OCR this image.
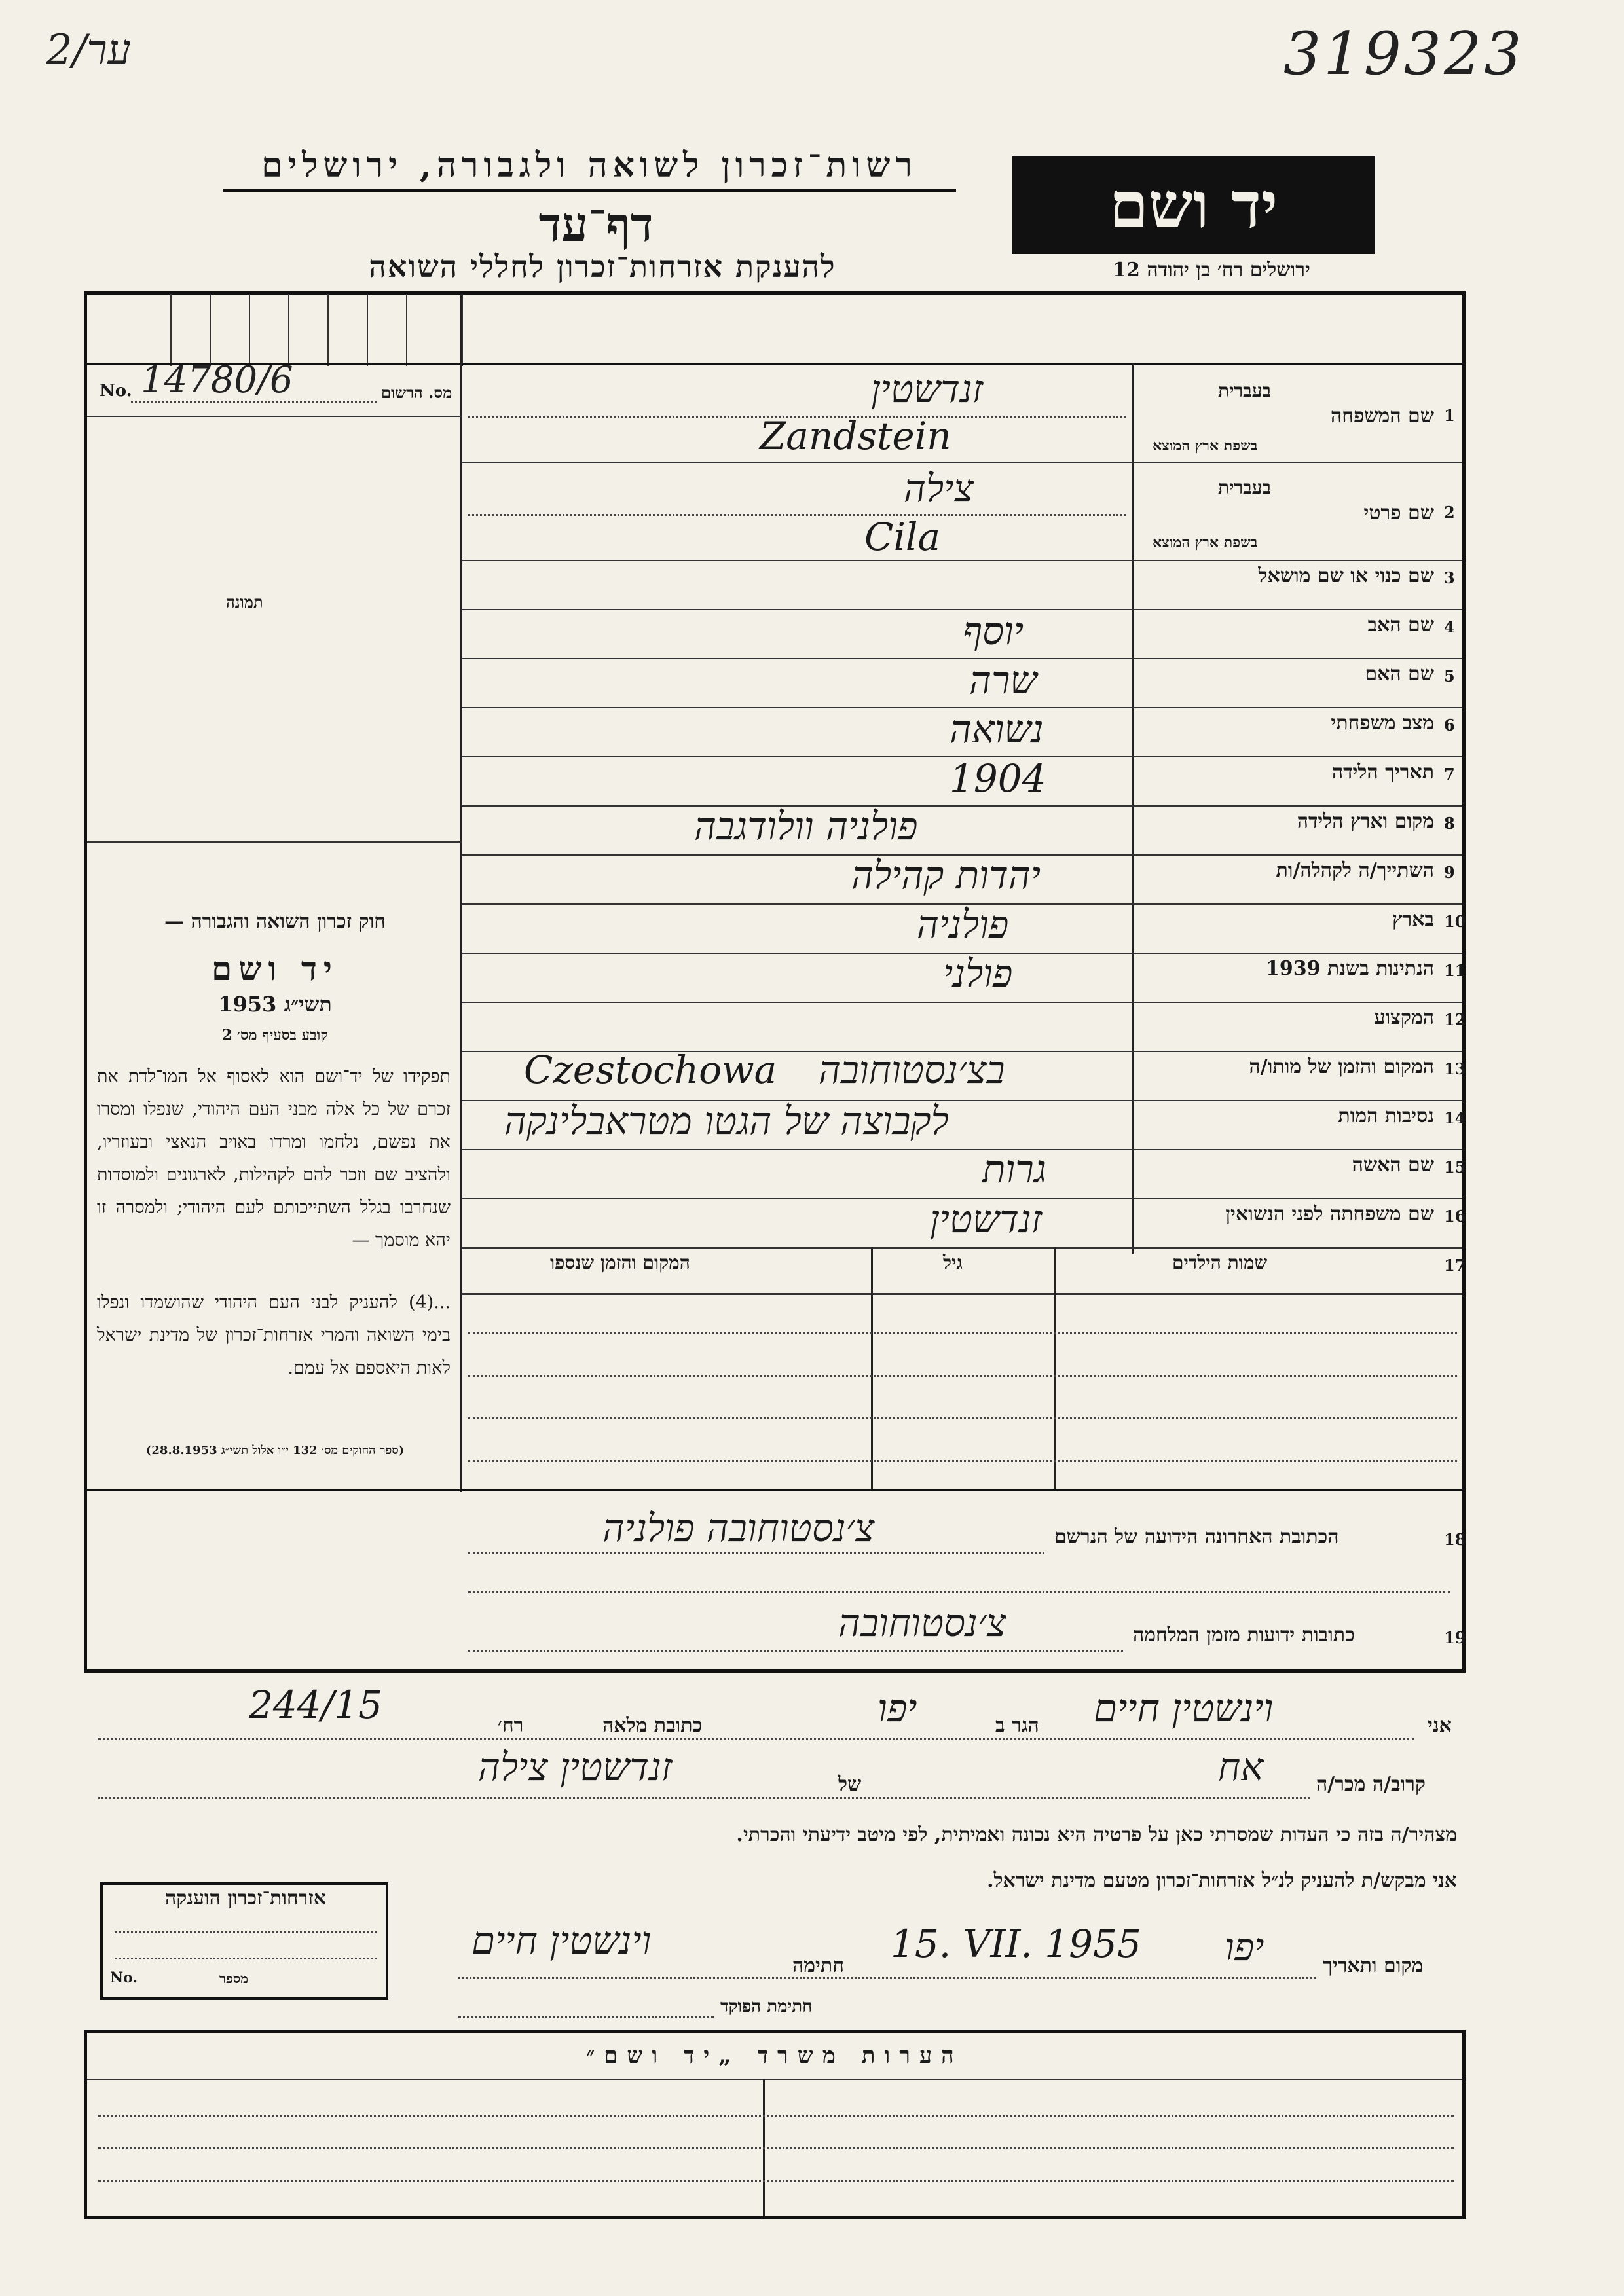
2/ער	319323
רשות־זכרון לשואה ולגבורה, ירושלים
דף־עד
להענקת אזרחות־זכרון לחללי השואה
יד ושם
ירושלים רח׳ בן יהודה 12
No. 14780/6	מס. הרשום
תמונה
חוק זכרון השואה והגבורה —
יד ושם
תשי״ג 1953
קובע בסעיף מס׳ 2
תפקידו של יד־ושם הוא לאסוף אל המו־לדת את זכרם של כל אלה מבני העם היהודי, שנפלו ומסרו את נפשם, נלחמו ומרדו באויב הנאצי ובעוזריו, ולהציב שם וזכר להם לקהילות, לארגונים ולמוסדות שנחרבו בגלל השתייכותם לעם היהודי; ולמסרה זו יהא מוסמך —
...(4) להעניק לבני העם היהודי שהושמדו ונפלו בימי השואה והמרי אזרחות־זכרון של מדינת ישראל לאות היאספם אל עמם.
(ספר החוקים מס׳ 132 י״ו אלול תשי״ג 28.8.1953)
1
בעברית
שם המשפחה
בשפת ארץ המוצא
זנדשטין
Zandstein
2
בעברית
שם פרטי
בשפת ארץ המוצא
צילה
Cila
3
שם כנוי או שם מושאל
4
שם האב
יוסף
5
שם האם
שרה
6
מצב משפחתי
נשואה
7
תאריך הלידה
1904
8
מקום וארץ הלידה
פולניה וולודגבה
9
השתייך/ה לקהלה/ות
יהדות קהילה
10
בארץ
פולניה
11
הנתינות בשנת 1939
פולני
12
המקצוע
13
המקום והזמן של מותו/ה
Czestochowa בצ׳נסטוחובה
14
נסיבות המות
לקבוצה של הגטו מטראבלינקה
15
שם האשה
גרות
16
שם משפחתה לפני הנשואין
זנדשטין
17
שמות הילדים
גיל
המקום והזמן שנספו
18
הכתובת האחרונה הידועה של הנרשם
צ׳נסטוחובה פולניה
19
כתובות ידועות מזמן המלחמה
צ׳נסטוחובה
אני
וינשטין חיים
הגר ב
יפו
כתובת מלאה
רח׳
244/15
קרוב/ה מכר/ה
אח
של
זנדשטין צילה
מצהיר/ה בזה כי העדות שמסרתי כאן על פרטיה היא נכונה ואמיתית, לפי מיטב ידיעתי והכרתי.
אני מבקש/ת להעניק לנ״ל אזרחות־זכרון מטעם מדינת ישראל.
מקום ותאריך
יפו
15. VII. 1955
חתימה
וינשטין חיים
חתימת הפוקד
אזרחות־זכרון הוענקה
No.	מספר
הערות משרד „יד ושם״
